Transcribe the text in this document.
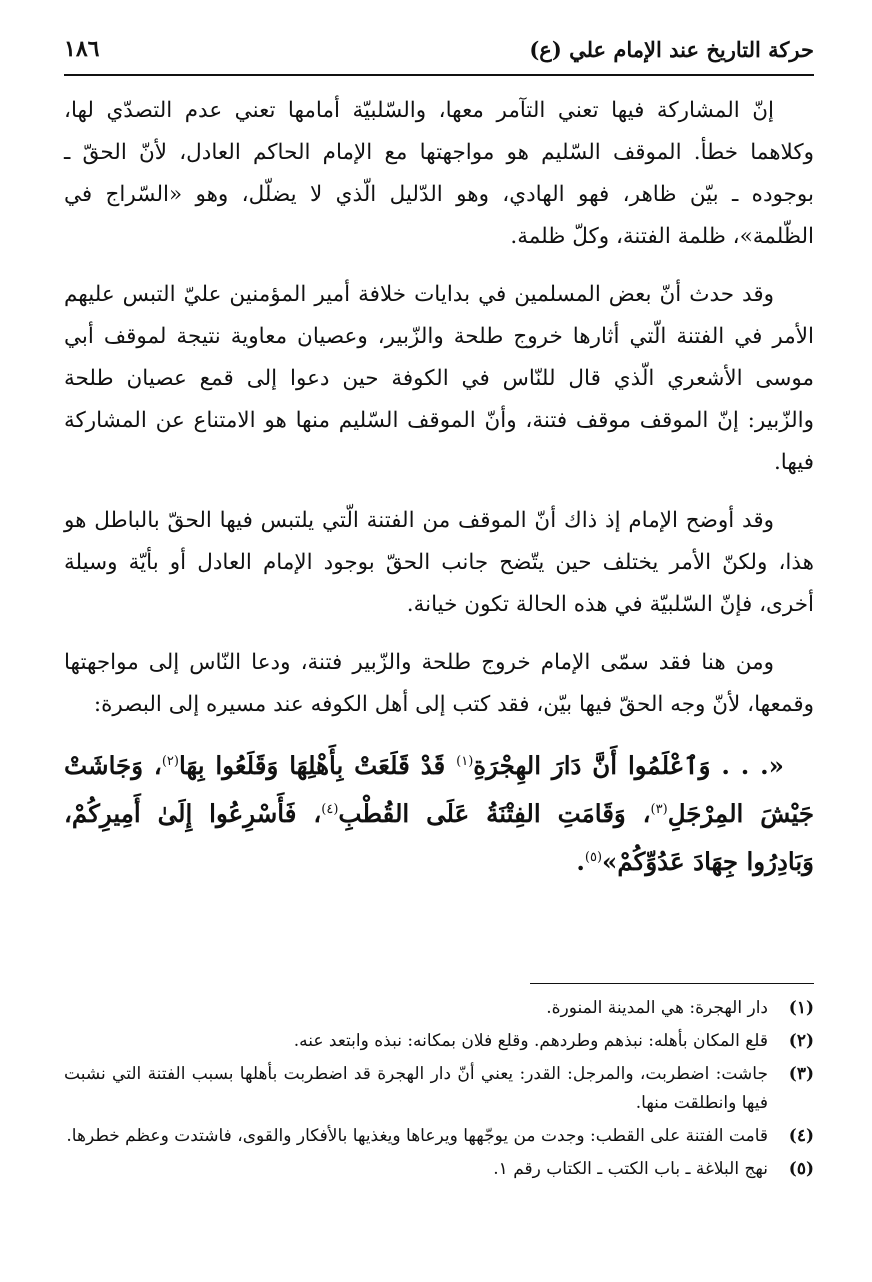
حركة التاريخ عند الإمام علي (ع)
١٨٦

إنّ المشاركة فيها تعني التآمر معها، والسّلبيّة أمامها تعني عدم التصدّي لها، وكلاهما خطأ. الموقف السّليم هو مواجهتها مع الإمام الحاكم العادل، لأنّ الحقّ ـ بوجوده ـ بيّن ظاهر، فهو الهادي، وهو الدّليل الّذي لا يضلّل، وهو «السّراج في الظّلمة»، ظلمة الفتنة، وكلّ ظلمة.

وقد حدث أنّ بعض المسلمين في بدايات خلافة أمير المؤمنين عليّ التبس عليهم الأمر في الفتنة الّتي أثارها خروج طلحة والزّبير، وعصيان معاوية نتيجة لموقف أبي موسى الأشعري الّذي قال للنّاس في الكوفة حين دعوا إلى قمع عصيان طلحة والزّبير: إنّ الموقف موقف فتنة، وأنّ الموقف السّليم منها هو الامتناع عن المشاركة فيها.

وقد أوضح الإمام إذ ذاك أنّ الموقف من الفتنة الّتي يلتبس فيها الحقّ بالباطل هو هذا، ولكنّ الأمر يختلف حين يتّضح جانب الحقّ بوجود الإمام العادل أو بأيّة وسيلة أخرى، فإنّ السّلبيّة في هذه الحالة تكون خيانة.

ومن هنا فقد سمّى الإمام خروج طلحة والزّبير فتنة، ودعا النّاس إلى مواجهتها وقمعها، لأنّ وجه الحقّ فيها بيّن، فقد كتب إلى أهل الكوفه عند مسيره إلى البصرة:

«. . . وَٱعْلَمُوا أَنَّ دَارَ الهِجْرَةِ$^{(١)}$ قَدْ قَلَعَتْ بِأَهْلِهَا وَقَلَعُوا بِهَا$^{(٢)}$، وَجَاشَتْ جَيْشَ المِرْجَلِ$^{(٣)}$، وَقَامَتِ الفِتْنَةُ عَلَى القُطْبِ$^{(٤)}$، فَأَسْرِعُوا إِلَىٰ أَمِيرِكُمْ، وَبَادِرُوا جِهَادَ عَدُوِّكُمْ»$^{(٥)}$.

(١)
دار الهجرة: هي المدينة المنورة.
(٢)
قلع المكان بأهله: نبذهم وطردهم. وقلع فلان بمكانه: نبذه وابتعد عنه.
(٣)
جاشت: اضطربت، والمرجل: القدر: يعني أنّ دار الهجرة قد اضطربت بأهلها بسبب الفتنة التي نشبت فيها وانطلقت منها.
(٤)
قامت الفتنة على القطب: وجدت من يوجّهها ويرعاها ويغذيها بالأفكار والقوى، فاشتدت وعظم خطرها.
(٥)
نهج البلاغة ـ باب الكتب ـ الكتاب رقم ١.
